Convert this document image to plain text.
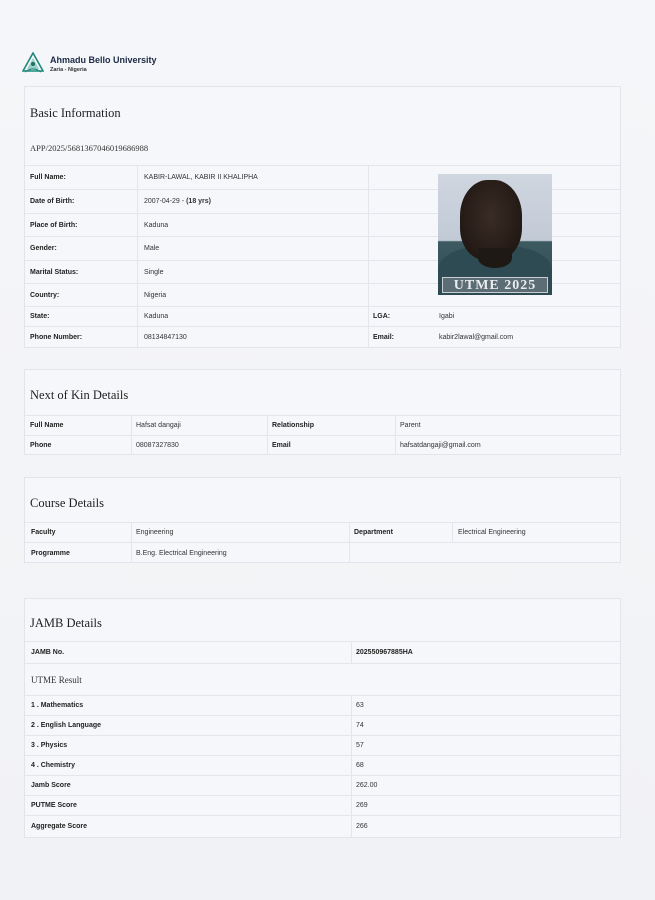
Ahmadu Bello University
Zaria - Nigeria
Basic Information
APP/2025/5681367046019686988
Full Name:	KABIR-LAWAL, KABIR II KHALIPHA
Date of Birth:	2007-04-29 - (18 yrs)
Place of Birth:	Kaduna
Gender:	Male
Marital Status:	Single
Country:	Nigeria
State:	Kaduna	LGA:	Igabi
Phone Number:	08134847130	Email:	kabir2lawal@gmail.com
UTME 2025
Next of Kin Details
Full Name	Hafsat dangaji	Relationship	Parent
Phone	08087327830	Email	hafsatdangaji@gmail.com
Course Details
Faculty	Engineering	Department	Electrical Engineering
Programme	B.Eng. Electrical Engineering
JAMB Details
JAMB No.	202550967885HA
UTME Result
1 . Mathematics	63
2 . English Language	74
3 . Physics	57
4 . Chemistry	68
Jamb Score	262.00
PUTME Score	269
Aggregate Score	266
